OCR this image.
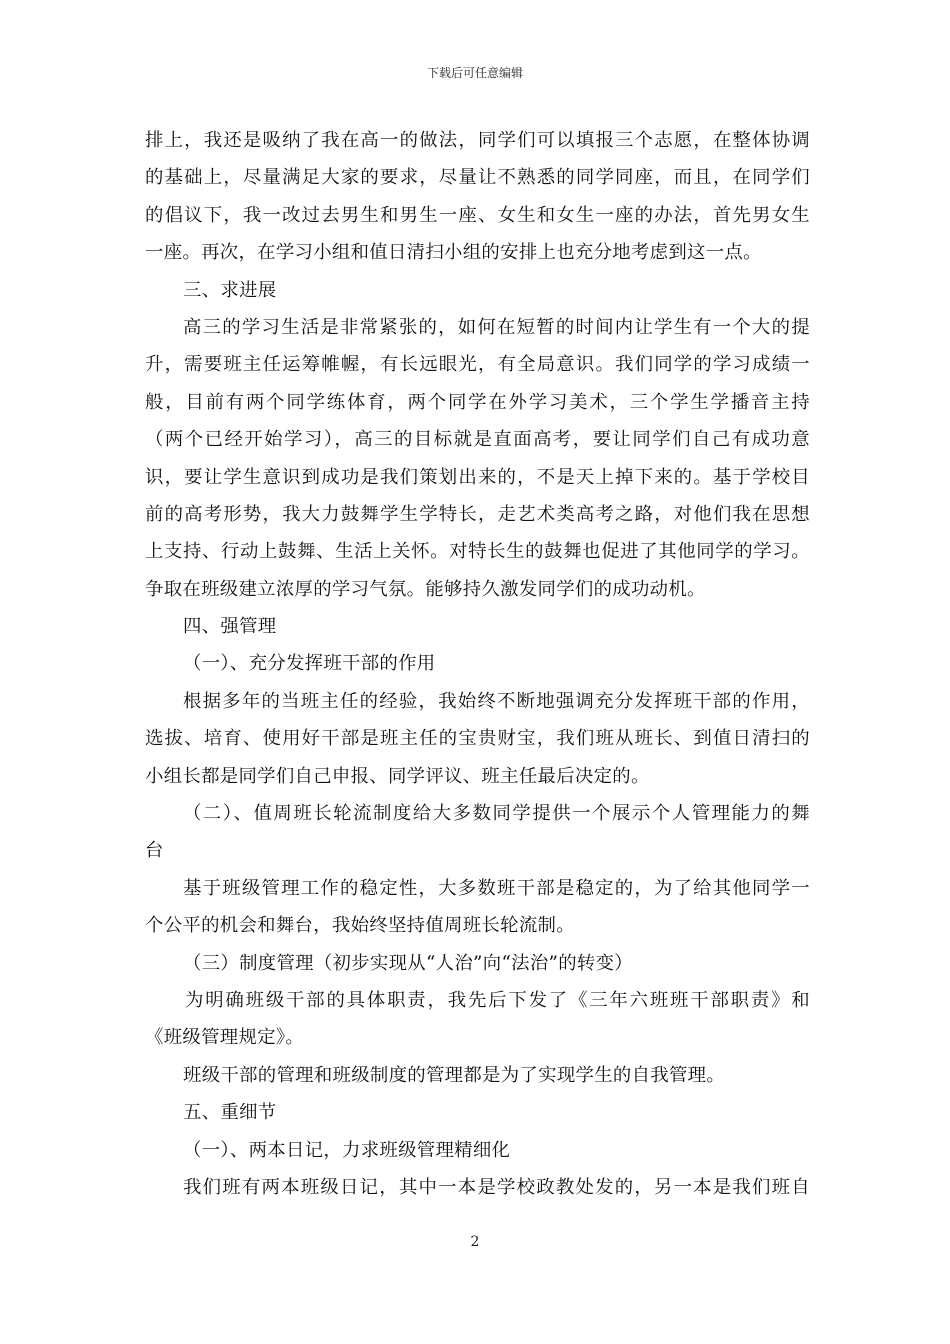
下载后可任意编辑
排上，我还是吸纳了我在高一的做法，同学们可以填报三个志愿，在整体协调
的基础上，尽量满足大家的要求，尽量让不熟悉的同学同座，而且，在同学们
的倡议下，我一改过去男生和男生一座、女生和女生一座的办法，首先男女生
一座。再次，在学习小组和值日清扫小组的安排上也充分地考虑到这一点。
三、求进展
高三的学习生活是非常紧张的，如何在短暂的时间内让学生有一个大的提
升，需要班主任运筹帷幄，有长远眼光，有全局意识。我们同学的学习成绩一
般，目前有两个同学练体育，两个同学在外学习美术，三个学生学播音主持
（两个已经开始学习），高三的目标就是直面高考，要让同学们自己有成功意
识，要让学生意识到成功是我们策划出来的，不是天上掉下来的。基于学校目
前的高考形势，我大力鼓舞学生学特长，走艺术类高考之路，对他们我在思想
上支持、行动上鼓舞、生活上关怀。对特长生的鼓舞也促进了其他同学的学习。
争取在班级建立浓厚的学习气氛。能够持久激发同学们的成功动机。
四、强管理
（一）、充分发挥班干部的作用
根据多年的当班主任的经验，我始终不断地强调充分发挥班干部的作用，
选拔、培育、使用好干部是班主任的宝贵财宝，我们班从班长、到值日清扫的
小组长都是同学们自己申报、同学评议、班主任最后决定的。
（二）、值周班长轮流制度给大多数同学提供一个展示个人管理能力的舞
台
基于班级管理工作的稳定性，大多数班干部是稳定的，为了给其他同学一
个公平的机会和舞台，我始终坚持值周班长轮流制。
（三）制度管理（初步实现从“人治”向“法治”的转变）
为明确班级干部的具体职责，我先后下发了《三年六班班干部职责》和
《班级管理规定》。
班级干部的管理和班级制度的管理都是为了实现学生的自我管理。
五、重细节
（一）、两本日记，力求班级管理精细化
我们班有两本班级日记，其中一本是学校政教处发的，另一本是我们班自
2
